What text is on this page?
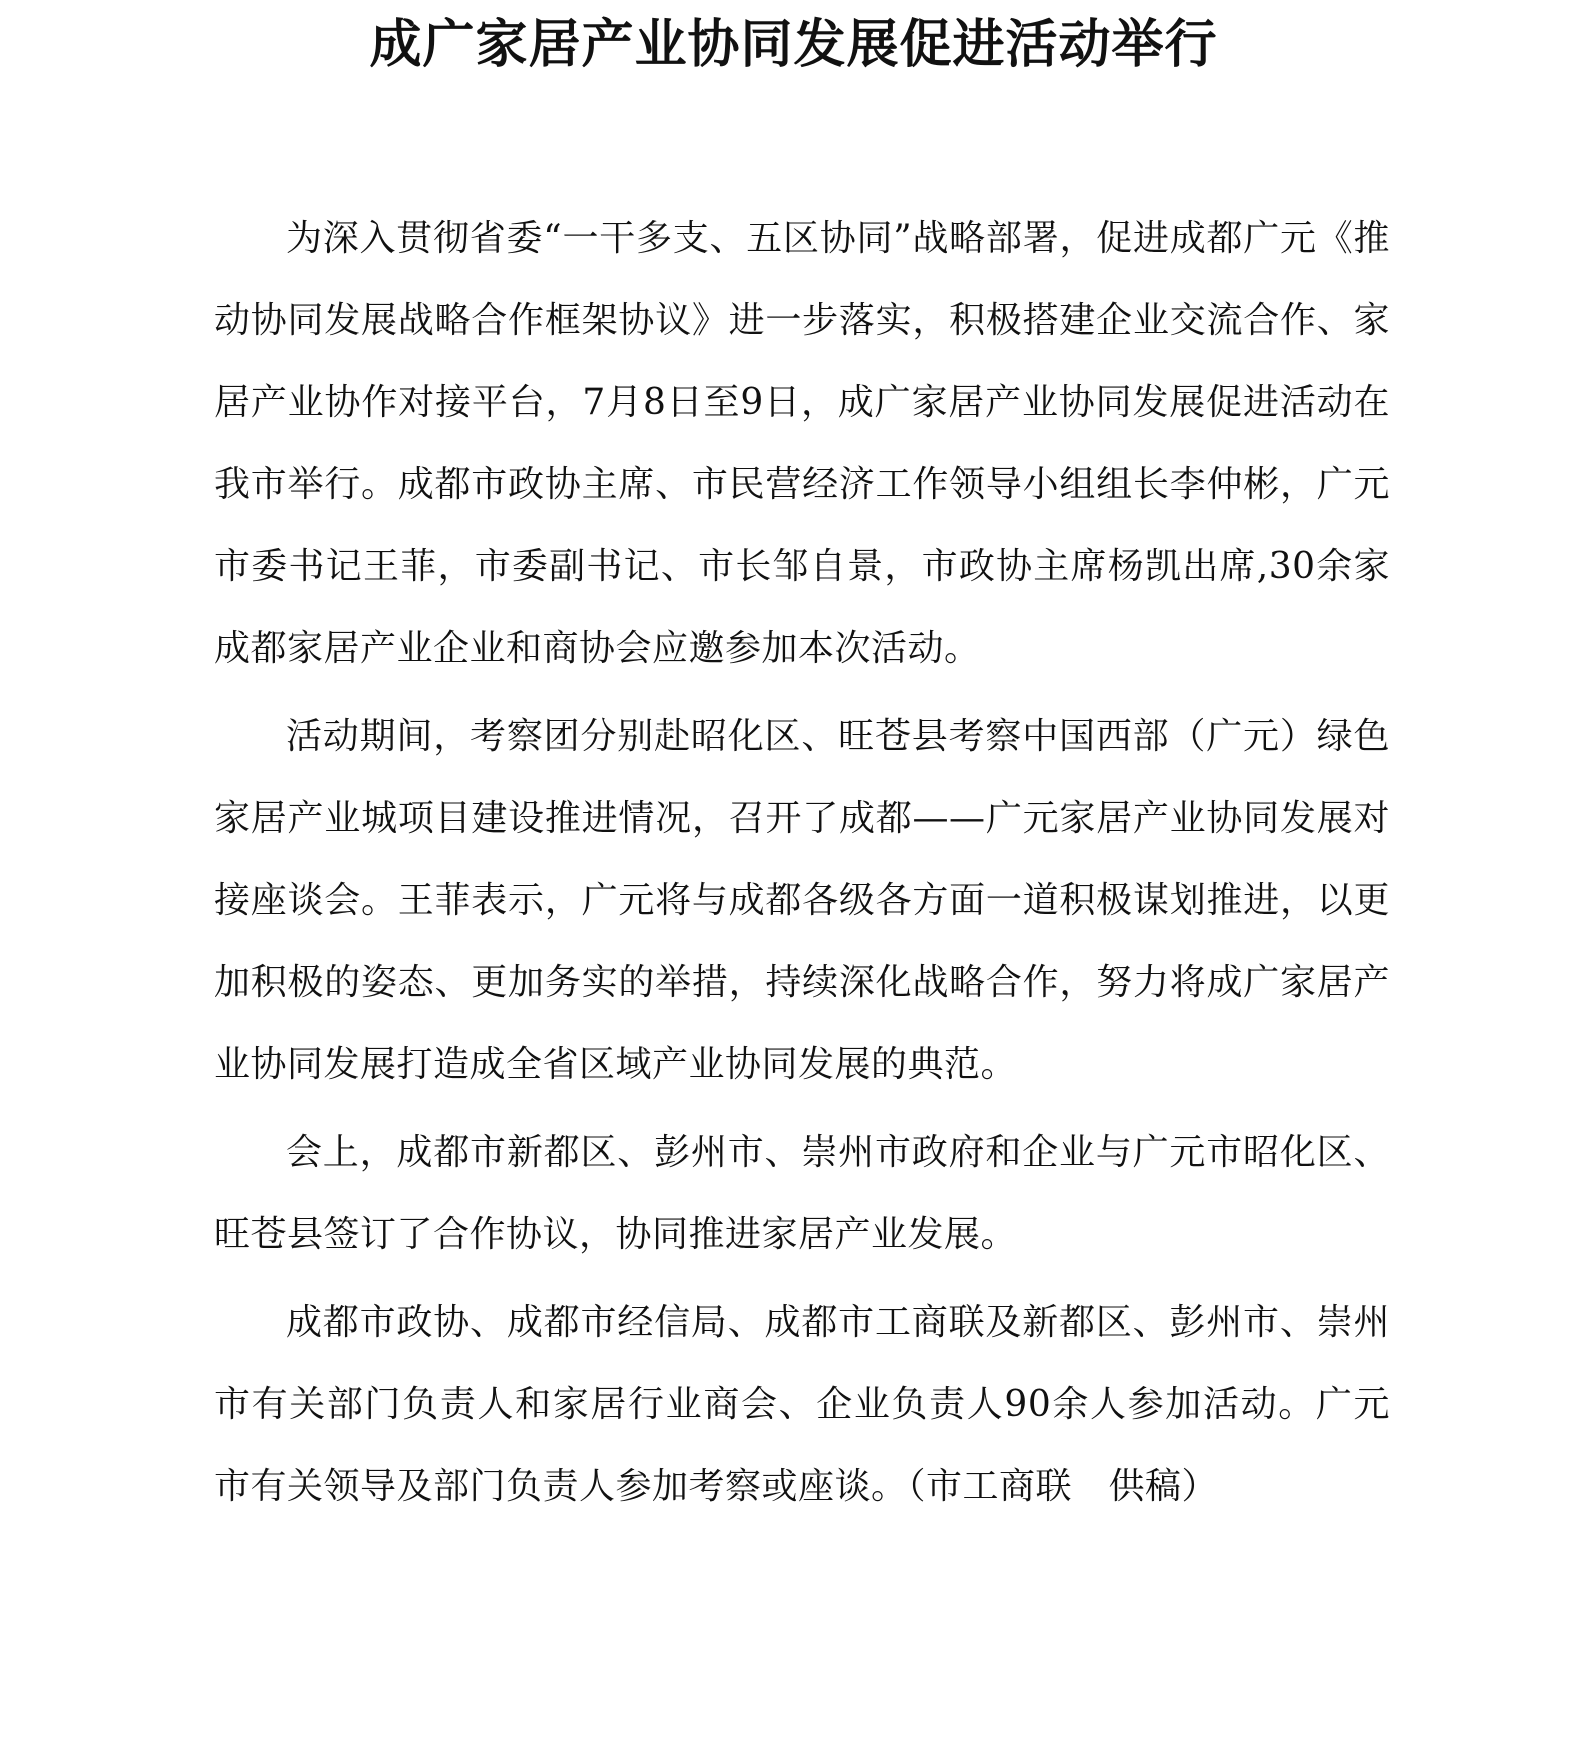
成广家居产业协同发展促进活动举行

为深入贯彻省委“一干多支、五区协同”战略部署，促进成都广元《推动协同发展战略合作框架协议》进一步落实，积极搭建企业交流合作、家居产业协作对接平台，7月8日至9日，成广家居产业协同发展促进活动在我市举行。成都市政协主席、市民营经济工作领导小组组长李仲彬，广元市委书记王菲，市委副书记、市长邹自景，市政协主席杨凯出席,30余家成都家居产业企业和商协会应邀参加本次活动。

活动期间，考察团分别赴昭化区、旺苍县考察中国西部（广元）绿色家居产业城项目建设推进情况，召开了成都——广元家居产业协同发展对接座谈会。王菲表示，广元将与成都各级各方面一道积极谋划推进，以更加积极的姿态、更加务实的举措，持续深化战略合作，努力将成广家居产业协同发展打造成全省区域产业协同发展的典范。

会上，成都市新都区、彭州市、崇州市政府和企业与广元市昭化区、旺苍县签订了合作协议，协同推进家居产业发展。

成都市政协、成都市经信局、成都市工商联及新都区、彭州市、崇州市有关部门负责人和家居行业商会、企业负责人90余人参加活动。广元市有关领导及部门负责人参加考察或座谈。（市工商联　供稿）
